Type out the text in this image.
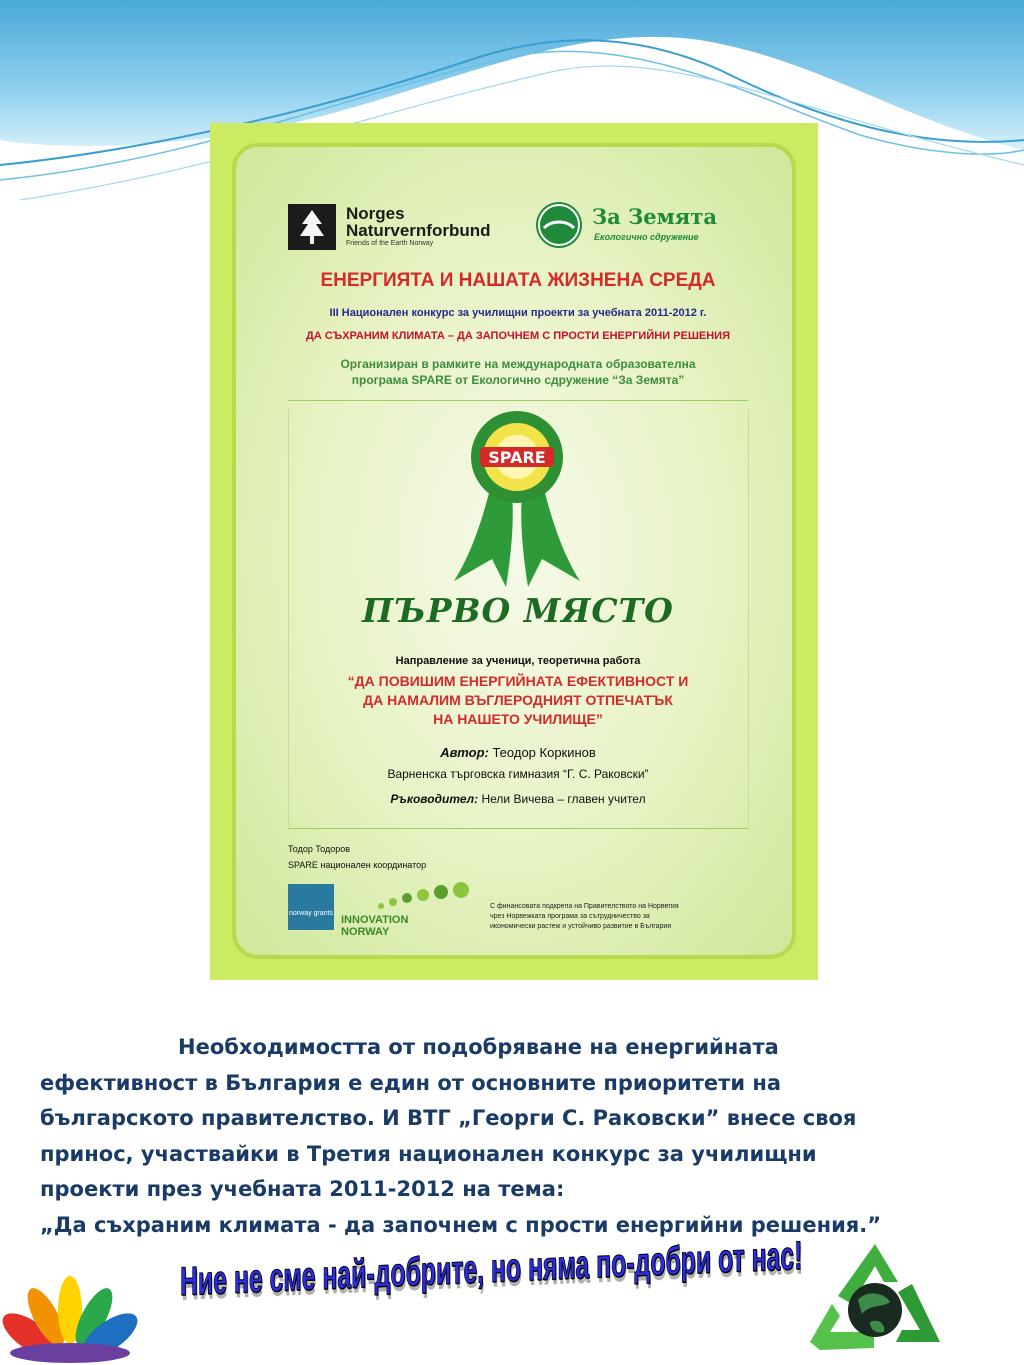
Norges
Naturvernforbund
Friends of the Earth Norway
За Земята
Екологично сдружение
ЕНЕРГИЯТА И НАШАТА ЖИЗНЕНА СРЕДА
III Национален конкурс за училищни проекти за учебната 2011-2012 г.
ДА СЪХРАНИМ КЛИМАТА – ДА ЗАПОЧНЕМ С ПРОСТИ ЕНЕРГИЙНИ РЕШЕНИЯ
Организиран в рамките на международната образователна
програма SPARE от Екологично сдружение “За Земята”
SPARE
ПЪРВО МЯСТО
Направление за ученици, теоретична работа
“ДА ПОВИШИМ ЕНЕРГИЙНАТА ЕФЕКТИВНОСТ И
ДА НАМАЛИМ ВЪГЛЕРОДНИЯТ ОТПЕЧАТЪК
НА НАШЕТО УЧИЛИЩЕ”
Автор: Теодор Коркинов
Варненска търговска гимназия “Г. С. Раковски”
Ръководител: Нели Вичева – главен учител
Тодор Тодоров
SPARE национален координатор
norway grants
INNOVATION
NORWAY
С финансовата подкрепа на Правителството на Норвегия
чрез Норвежката програма за сътрудничество за
икономически растеж и устойчиво развитие в България
Необходимостта от подобряване на енергийната
ефективност в България е един от основните приоритети на
българското правителство. И ВТГ „Георги С. Раковски” внесе своя
принос, участвайки в Третия национален конкурс за училищни
проекти през учебната 2011-2012 на тема:
„Да съхраним климата - да започнем с прости енергийни решения.”
Ние не сме най-добрите, но няма по-добри от нас!
